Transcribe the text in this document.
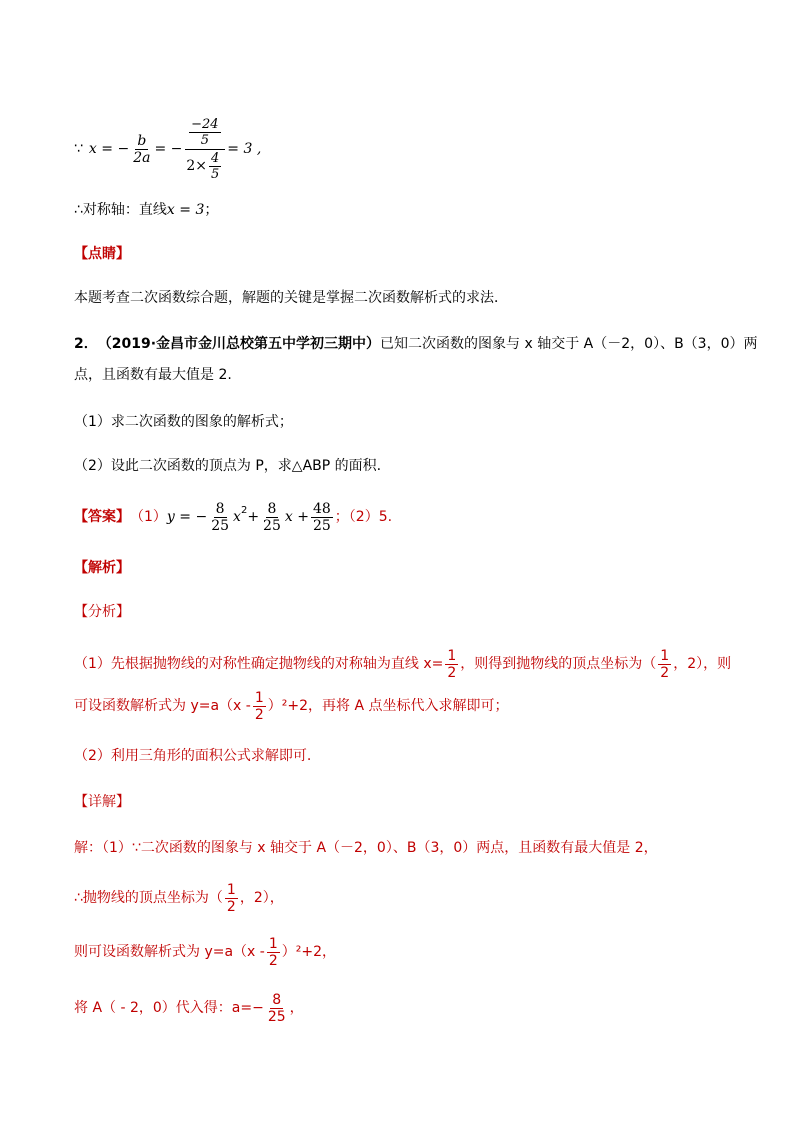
∵ x = − $\frac{b}{2a}$ = − $\frac{\frac{-24}{5}}{2\times \frac{4}{5}} = 3$ ,
∴对称轴：直线 x = 3 ；
【点睛】
本题考查二次函数综合题，解题的关键是掌握二次函数解析式的求法．
2． （2019·金昌市金川总校第五中学初三期中） 已知二次函数的图象与 x 轴交于 A（－2，0）、B（3，0）两
点，且函数有最大值是 2.
（1）求二次函数的图象的解析式；
（2）设此二次函数的顶点为 P，求△ABP 的面积.
【答案】 （1） y = − $\frac{8}{25}$ x $2 + \frac{8}{25}$ $x + \frac{48}{25}$ ；（2）5.
【解析】
【分析】
（1）先根据抛物线的对称性确定抛物线的对称轴为直线 $x= \frac{1}{2}$ ，则得到抛物线的顶点坐标为（ $\frac{1}{2}$ ，2），则
可设函数解析式为 $y=a(x - \frac{1}{2} )^2+2$，再将 A 点坐标代入求解即可；
（2）利用三角形的面积公式求解即可.
【详解】
解：（1）∵二次函数的图象与 x 轴交于 A（－2，0）、B（3，0）两点，且函数有最大值是 2，
∴抛物线的顶点坐标为（ $\frac{1}{2}$ ，2），
则可设函数解析式为 $y=a(x - \frac{1}{2} )^2+2$，
将 A（ - 2，0）代入得：$a=- \frac{8}{25}$ ，
